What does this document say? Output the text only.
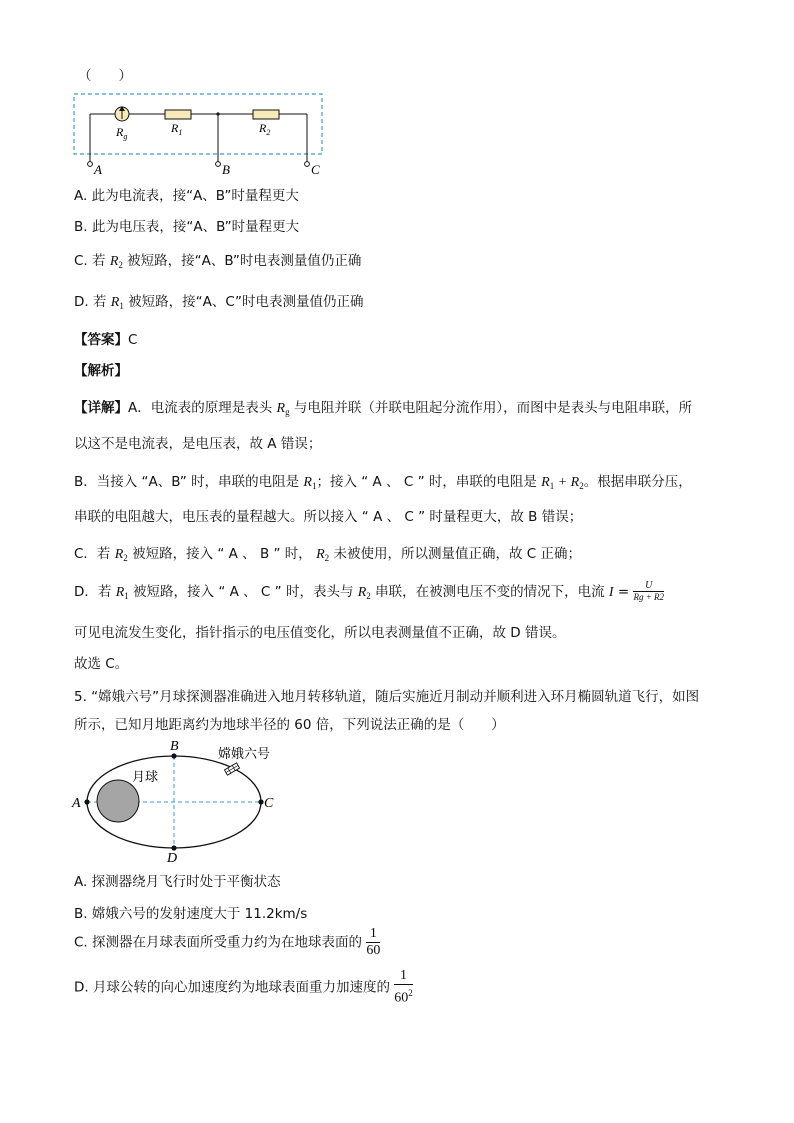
（　　）
$R_g$
$R_1$	$R_2$
A	B	C
A. 此为电流表，接“A、B”时量程更大
B. 此为电压表，接“A、B”时量程更大
C. 若 $R_2$ 被短路，接“A、B”时电表测量值仍正确
D. 若 $R_1$ 被短路，接“A、C”时电表测量值仍正确
【答案】C
【解析】
【详解】A．电流表的原理是表头 $R_g$ 与电阻并联（并联电阻起分流作用），而图中是表头与电阻串联，所
以这不是电流表，是电压表，故 A 错误；
B．当接入 “A、B” 时，串联的电阻是 $R_1$；接入 “ A 、 C ” 时，串联的电阻是 $R_1 + R_2$。根据串联分压，
串联的电阻越大，电压表的量程越大。所以接入 “ A 、 C ” 时量程更大，故 B 错误；
C．若 $R_2$ 被短路，接入 “ A 、 B ” 时， $R_2$ 未被使用，所以测量值正确，故 C 正确；
D．若 $R_1$ 被短路，接入 “ A 、 C ” 时，表头与 $R_2$ 串联，在被测电压不变的情况下，电流 $I = \frac{U}{Rg + R2}$
可见电流发生变化，指针指示的电压值变化，所以电表测量值不正确，故 D 错误。
故选 C。
5. “嫦娥六号”月球探测器准确进入地月转移轨道，随后实施近月制动并顺利进入环月椭圆轨道飞行，如图
所示，已知月地距离约为地球半径的 60 倍，下列说法正确的是（　　）
A
B
C
D
月球
嫦娥六号
A. 探测器绕月飞行时处于平衡状态
B. 嫦娥六号的发射速度大于 11.2km/s
C. 探测器在月球表面所受重力约为在地球表面的 $\frac{1}{60}$
D. 月球公转的向心加速度约为地球表面重力加速度的 $\frac{1}{60^2}$
